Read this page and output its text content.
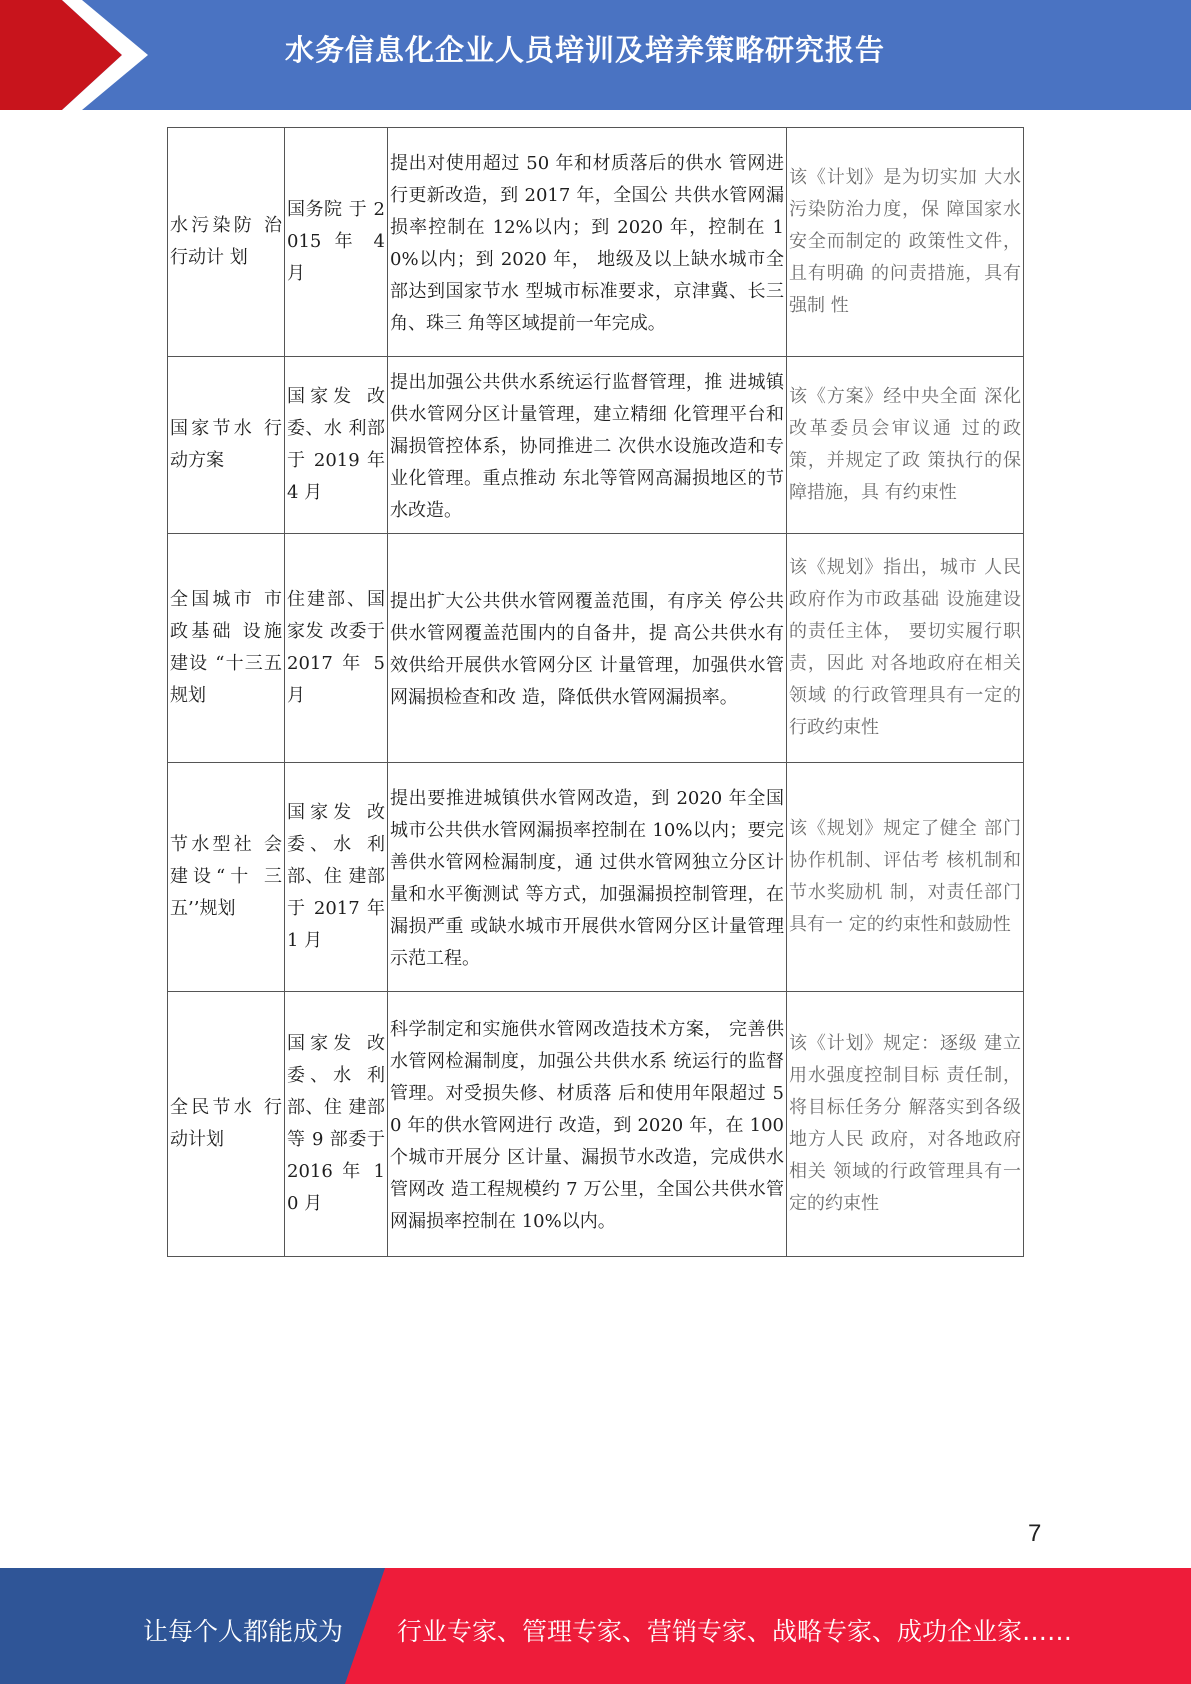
水务信息化企业人员培训及培养策略研究报告
水污染防 治行动计 划	国务院 于 2015 年 4 月	提出对使用超过 50 年和材质落后的供水 管网进行更新改造，到 2017 年，全国公 共供水管网漏损率控制在 12%以内；到 2020 年，控制在 10%以内；到 2020 年， 地级及以上缺水城市全部达到国家节水 型城市标准要求，京津冀、长三角、珠三 角等区域提前一年完成。	该《计划》是为切实加 大水污染防治力度，保 障国家水安全而制定的 政策性文件，且有明确 的问责措施，具有强制 性
国家节水 行动方案	国家发 改委、水 利部于 2019 年 4 月	提出加强公共供水系统运行监督管理，推 进城镇供水管网分区计量管理，建立精细 化管理平台和漏损管控体系，协同推进二 次供水设施改造和专业化管理。重点推动 东北等管网高漏损地区的节水改造。	该《方案》经中央全面 深化改革委员会审议通 过的政策，并规定了政 策执行的保障措施，具 有约束性
全国城市 市政基础 设施建设 “十三五 规划	住建部、国家发 改委于 2017 年 5 月	提出扩大公共供水管网覆盖范围，有序关 停公共供水管网覆盖范围内的自备井，提 高公共供水有效供给开展供水管网分区 计量管理，加强供水管网漏损检查和改 造，降低供水管网漏损率。	该《规划》指出，城市 人民政府作为市政基础 设施建设的责任主体， 要切实履行职责，因此 对各地政府在相关领域 的行政管理具有一定的 行政约束性
节水型社 会建设“十 三五’’规划	国家发 改委、水 利部、住 建部于 2017 年 1 月	提出要推进城镇供水管网改造，到 2020 年全国城市公共供水管网漏损率控制在 10%以内；要完善供水管网检漏制度，通 过供水管网独立分区计量和水平衡测试 等方式，加强漏损控制管理，在漏损严重 或缺水城市开展供水管网分区计量管理 示范工程。	该《规划》规定了健全 部门协作机制、评估考 核机制和节水奖励机 制，对责任部门具有一 定的约束性和鼓励性
全民节水 行动计划	国家发 改委、水 利部、住 建部等 9 部委于 2016 年 10 月	科学制定和实施供水管网改造技术方案， 完善供水管网检漏制度，加强公共供水系 统运行的监督管理。对受损失修、材质落 后和使用年限超过 50 年的供水管网进行 改造，到 2020 年，在 100 个城市开展分 区计量、漏损节水改造，完成供水管网改 造工程规模约 7 万公里，全国公共供水管 网漏损率控制在 10%以内。	该《计划》规定：逐级 建立用水强度控制目标 责任制，将目标任务分 解落实到各级地方人民 政府，对各地政府相关 领域的行政管理具有一 定的约束性
7
让每个人都能成为 行业专家、管理专家、营销专家、战略专家、成功企业家……
